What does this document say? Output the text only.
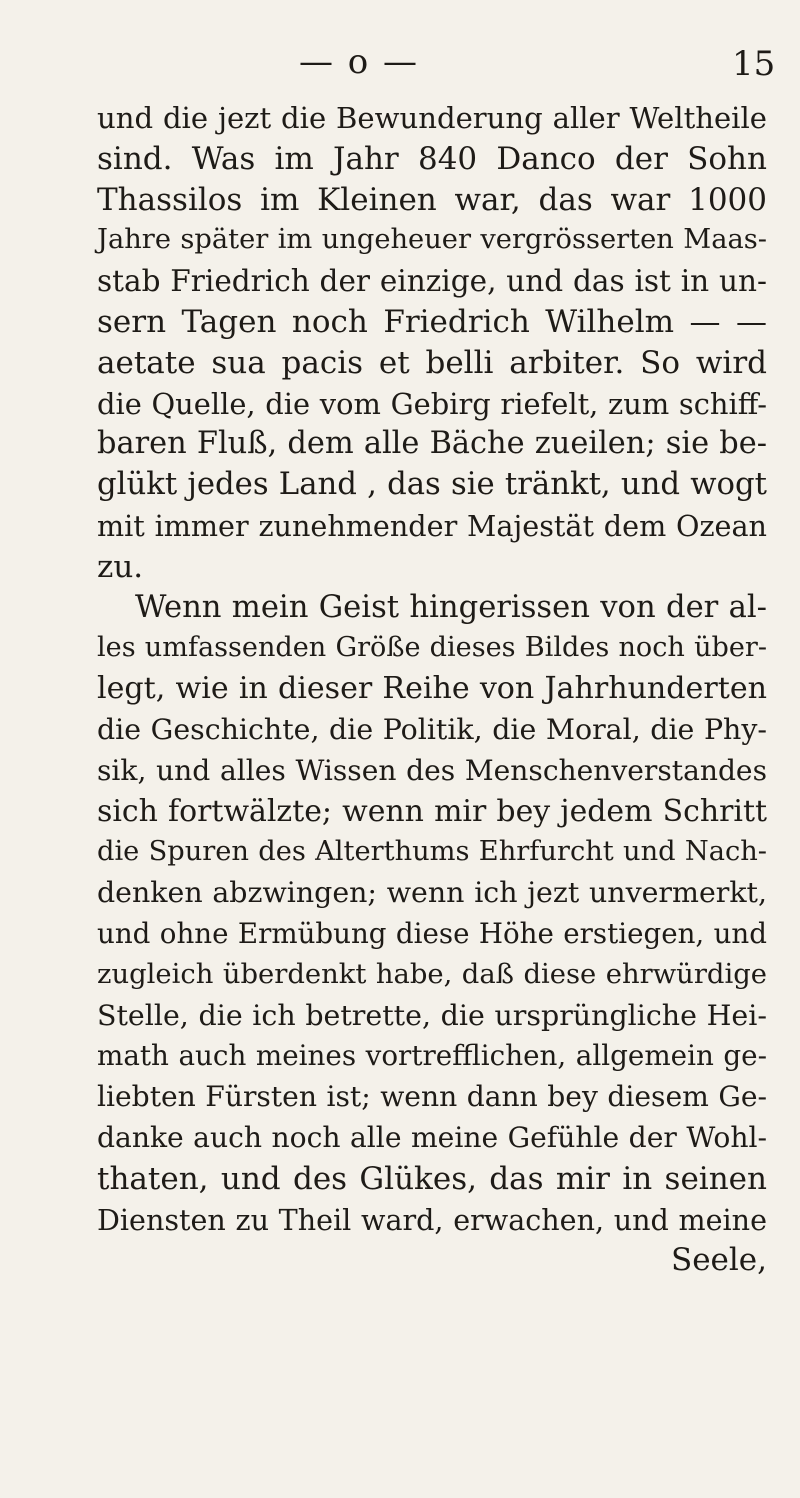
— o —	15
und die jezt die Bewunderung aller Weltheile
sind. Was im Jahr 840 Danco der Sohn
Thassilos im Kleinen war, das war 1000
Jahre später im ungeheuer vergrösserten Maas-
stab Friedrich der einzige, und das ist in un-
sern Tagen noch Friedrich Wilhelm — —
aetate sua pacis et belli arbiter. So wird
die Quelle, die vom Gebirg riefelt, zum schiff-
baren Fluß, dem alle Bäche zueilen; sie be-
glükt jedes Land , das sie tränkt, und wogt
mit immer zunehmender Majestät dem Ozean
zu.
Wenn mein Geist hingerissen von der al-
les umfassenden Größe dieses Bildes noch über-
legt, wie in dieser Reihe von Jahrhunderten
die Geschichte, die Politik, die Moral, die Phy-
sik, und alles Wissen des Menschenverstandes
sich fortwälzte; wenn mir bey jedem Schritt
die Spuren des Alterthums Ehrfurcht und Nach-
denken abzwingen; wenn ich jezt unvermerkt,
und ohne Ermübung diese Höhe erstiegen, und
zugleich überdenkt habe, daß diese ehrwürdige
Stelle, die ich betrette, die ursprüngliche Hei-
math auch meines vortrefflichen, allgemein ge-
liebten Fürsten ist; wenn dann bey diesem Ge-
danke auch noch alle meine Gefühle der Wohl-
thaten, und des Glükes, das mir in seinen
Diensten zu Theil ward, erwachen, und meine
Seele,
